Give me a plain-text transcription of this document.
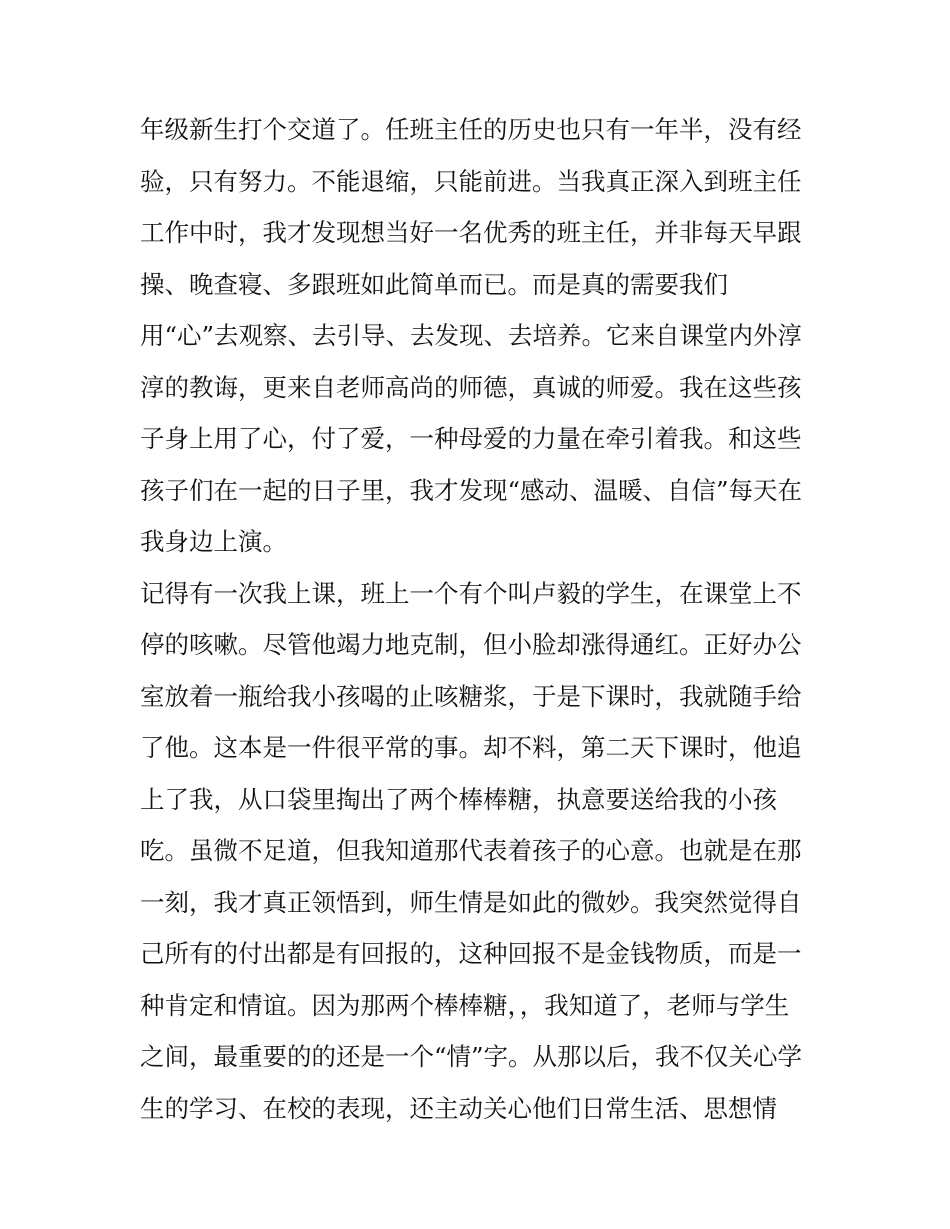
年级新生打个交道了。任班主任的历史也只有一年半，没有经
验，只有努力。不能退缩，只能前进。当我真正深入到班主任
工作中时，我才发现想当好一名优秀的班主任，并非每天早跟
操、晚查寝、多跟班如此简单而已。而是真的需要我们
用“心”去观察、去引导、去发现、去培养。它来自课堂内外淳
淳的教诲，更来自老师高尚的师德，真诚的师爱。我在这些孩
子身上用了心，付了爱，一种母爱的力量在牵引着我。和这些
孩子们在一起的日子里，我才发现“感动、温暖、自信”每天在
我身边上演。
记得有一次我上课，班上一个有个叫卢毅的学生，在课堂上不
停的咳嗽。尽管他竭力地克制，但小脸却涨得通红。正好办公
室放着一瓶给我小孩喝的止咳糖浆，于是下课时，我就随手给
了他。这本是一件很平常的事。却不料，第二天下课时，他追
上了我，从口袋里掏出了两个棒棒糖，执意要送给我的小孩
吃。虽微不足道，但我知道那代表着孩子的心意。也就是在那
一刻，我才真正领悟到，师生情是如此的微妙。我突然觉得自
己所有的付出都是有回报的，这种回报不是金钱物质，而是一
种肯定和情谊。因为那两个棒棒糖，，我知道了，老师与学生
之间，最重要的的还是一个“情”字。从那以后，我不仅关心学
生的学习、在校的表现，还主动关心他们日常生活、思想情
